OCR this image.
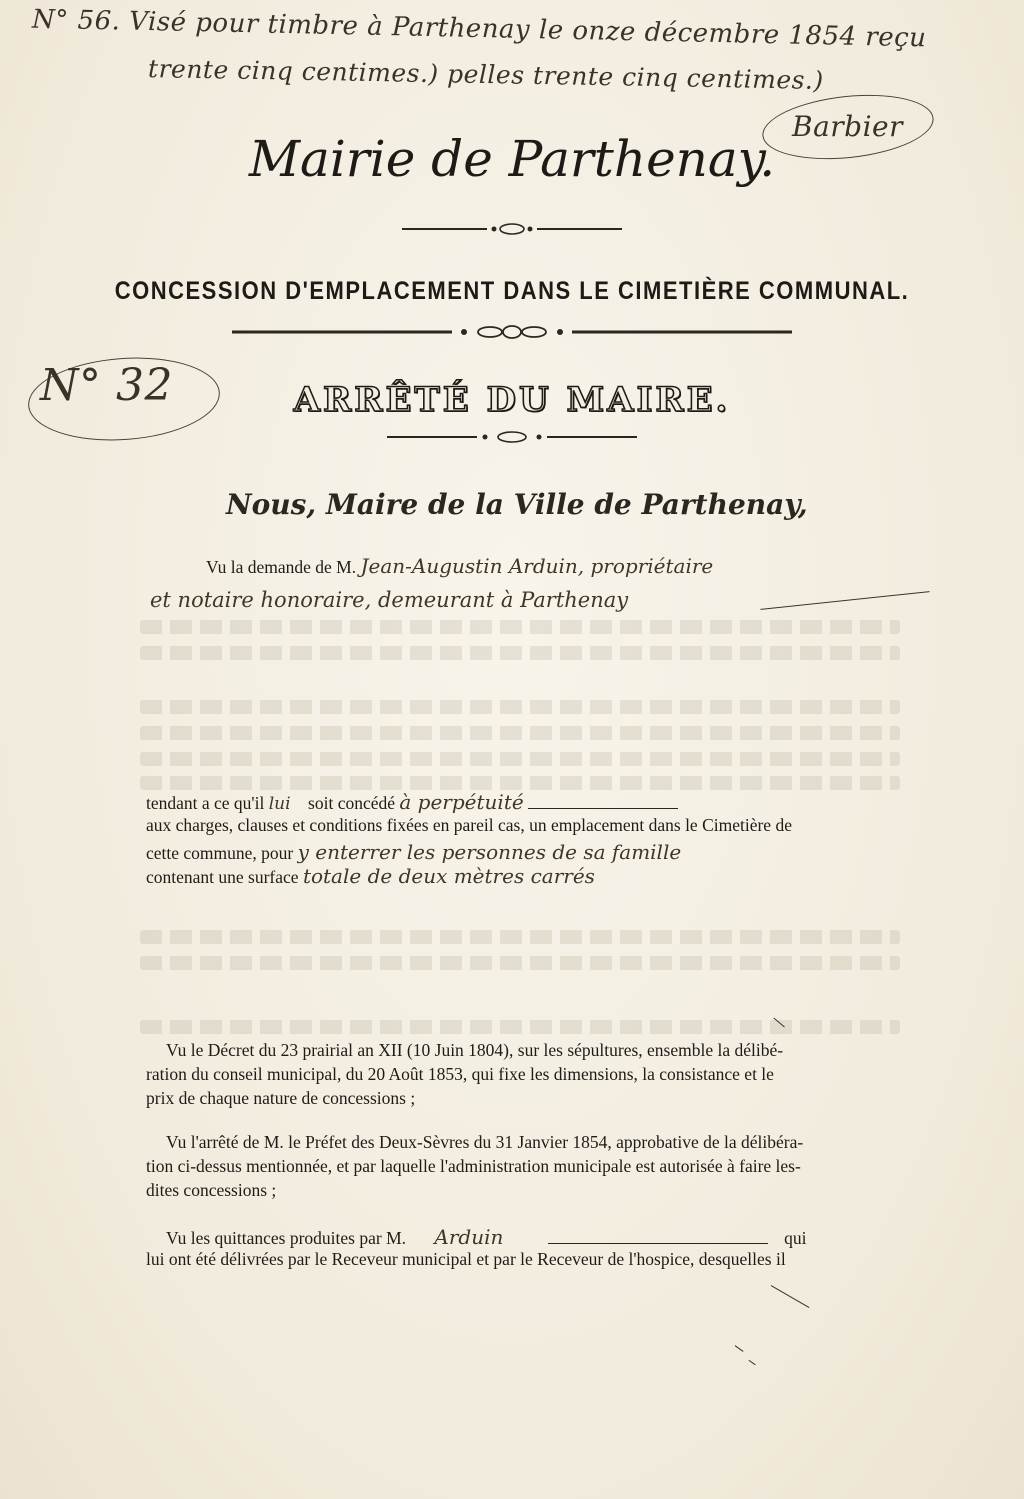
N° 56. Visé pour timbre à Parthenay le onze décembre 1854 reçu
trente cinq centimes.) pelles trente cinq centimes.)
Barbier
Mairie de Parthenay.
CONCESSION D'EMPLACEMENT DANS LE CIMETIÈRE COMMUNAL.
N° 32	ARRÊTÉ DU MAIRE.
Nous, Maire de la Ville de Parthenay,
Vu la demande de M. Jean-Augustin Arduin, propriétaire
et notaire honoraire, demeurant à Parthenay
tendant a ce qu'il lui soit concédé à perpétuité
aux charges, clauses et conditions fixées en pareil cas, un emplacement dans le Cimetière de
cette commune, pour y enterrer les personnes de sa famille
contenant une surface totale de deux mètres carrés
Vu le Décret du 23 prairial an XII (10 Juin 1804), sur les sépultures, ensemble la délibé-
ration du conseil municipal, du 20 Août 1853, qui fixe les dimensions, la consistance et le
prix de chaque nature de concessions ;
Vu l'arrêté de M. le Préfet des Deux-Sèvres du 31 Janvier 1854, approbative de la délibéra-
tion ci-dessus mentionnée, et par laquelle l'administration municipale est autorisée à faire les-
dites concessions ;
Vu les quittances produites par M. Arduin	qui
lui ont été délivrées par le Receveur municipal et par le Receveur de l'hospice, desquelles il
